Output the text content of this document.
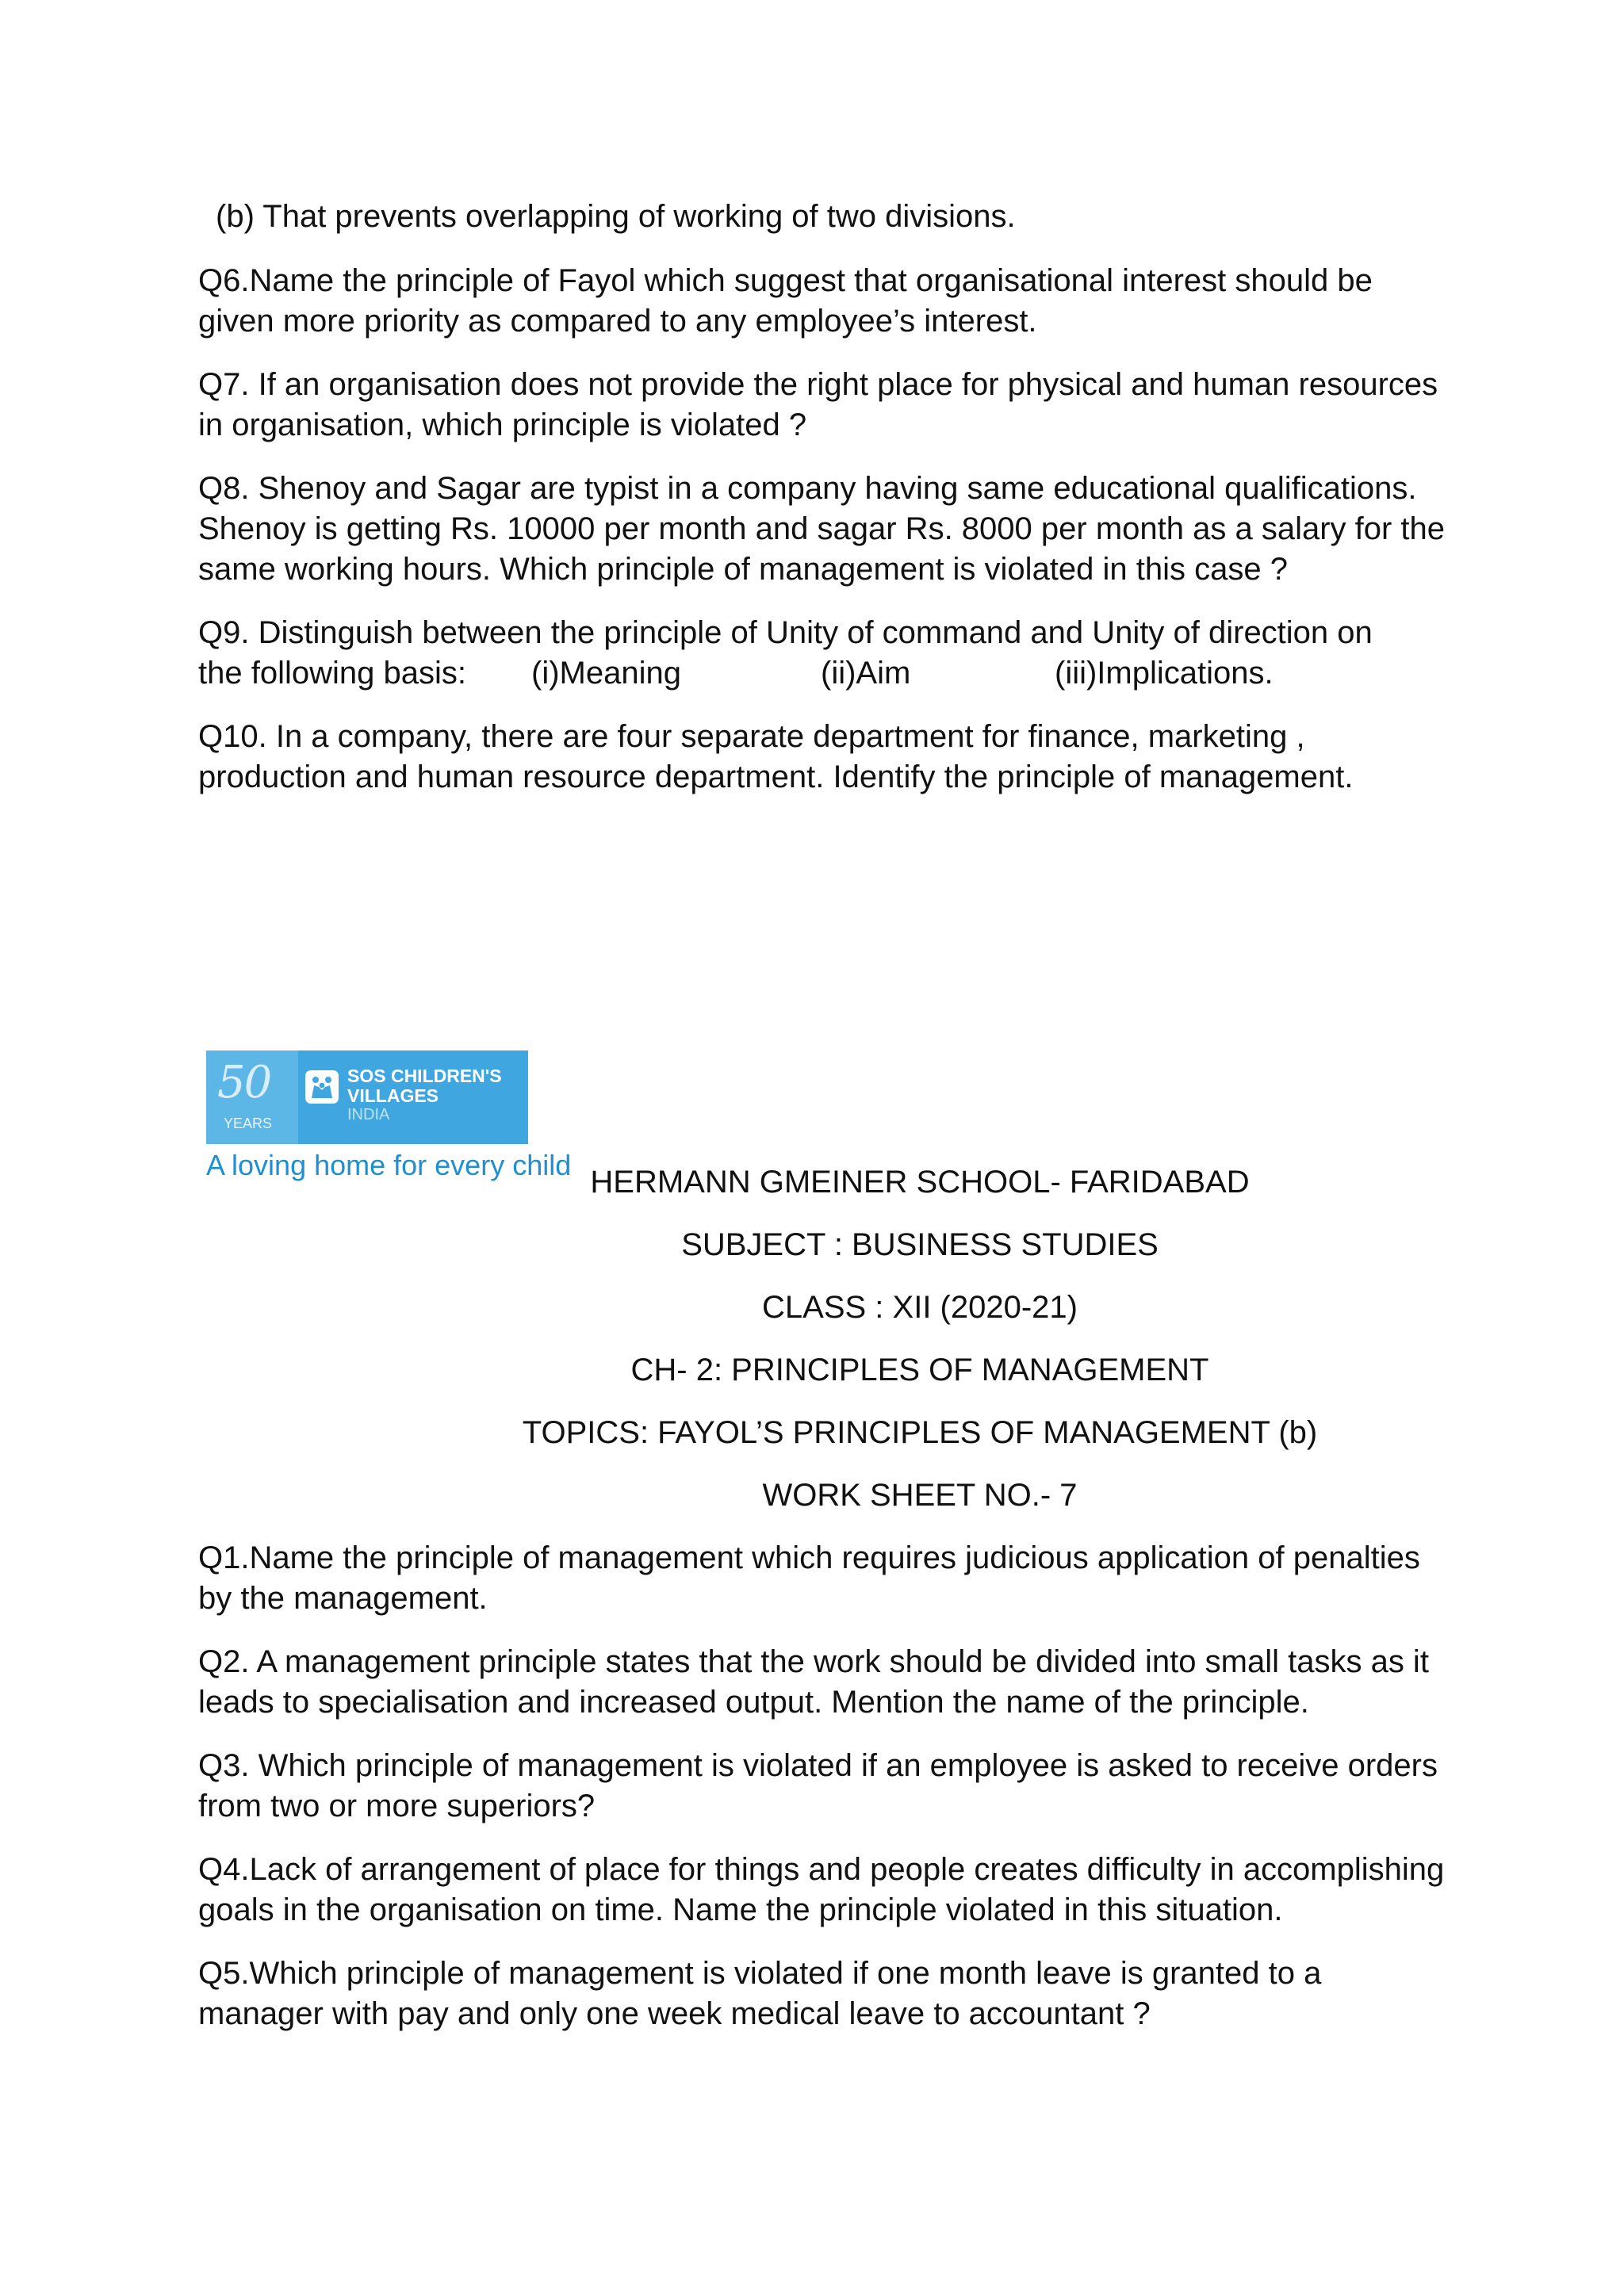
(b) That prevents overlapping of working of two divisions.

Q6.Name the principle of Fayol which suggest that organisational interest should be given more priority as compared to any employee’s interest.

Q7. If an organisation does not provide the right place for physical and human resources in organisation, which principle is violated ?

Q8. Shenoy and Sagar are typist in a company having same educational qualifications. Shenoy is getting Rs. 10000 per month and sagar Rs. 8000 per month as a salary for the same working hours. Which principle of management is violated in this case ?

Q9. Distinguish between the principle of Unity of command and Unity of direction on

the following basis:	(i)Meaning	(ii)Aim	(iii)Implications.

Q10. In a company, there are four separate department for finance, marketing , production and human resource department. Identify the principle of management.

50
YEARS
SOS CHILDREN'S
VILLAGES
INDIA
A loving home for every child HERMANN GMEINER SCHOOL- FARIDABAD
SUBJECT : BUSINESS STUDIES
CLASS : XII (2020-21)
CH- 2: PRINCIPLES OF MANAGEMENT
TOPICS: FAYOL’S PRINCIPLES OF MANAGEMENT (b)
WORK SHEET NO.- 7

Q1.Name the principle of management which requires judicious application of penalties by the management.

Q2. A management principle states that the work should be divided into small tasks as it leads to specialisation and increased output. Mention the name of the principle.

Q3. Which principle of management is violated if an employee is asked to receive orders from two or more superiors?

Q4.Lack of arrangement of place for things and people creates difficulty in accomplishing goals in the organisation on time. Name the principle violated in this situation.

Q5.Which principle of management is violated if one month leave is granted to a manager with pay and only one week medical leave to accountant ?
